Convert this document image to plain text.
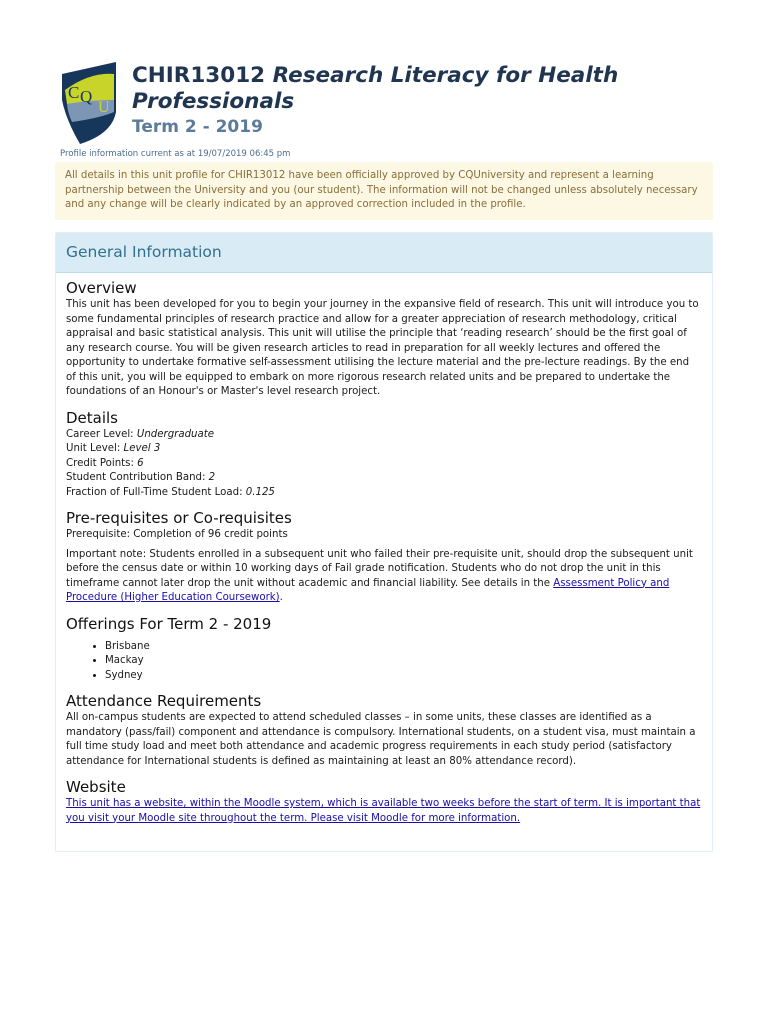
C Q
U
CHIR13012 Research Literacy for Health Professionals
Term 2 - 2019
Profile information current as at 19/07/2019 06:45 pm
All details in this unit profile for CHIR13012 have been officially approved by CQUniversity and represent a learning partnership between the University and you (our student). The information will not be changed unless absolutely necessary and any change will be clearly indicated by an approved correction included in the profile.
General Information
Overview

This unit has been developed for you to begin your journey in the expansive field of research. This unit will introduce you to some fundamental principles of research practice and allow for a greater appreciation of research methodology, critical appraisal and basic statistical analysis. This unit will utilise the principle that ‘reading research’ should be the first goal of any research course. You will be given research articles to read in preparation for all weekly lectures and offered the opportunity to undertake formative self-assessment utilising the lecture material and the pre-lecture readings. By the end of this unit, you will be equipped to embark on more rigorous research related units and be prepared to undertake the foundations of an Honour's or Master's level research project.

Details
Career Level: Undergraduate
Unit Level: Level 3
Credit Points: 6
Student Contribution Band: 2
Fraction of Full-Time Student Load: 0.125
Pre-requisites or Co-requisites

Prerequisite: Completion of 96 credit points

Important note: Students enrolled in a subsequent unit who failed their pre-requisite unit, should drop the subsequent unit before the census date or within 10 working days of Fail grade notification. Students who do not drop the unit in this timeframe cannot later drop the unit without academic and financial liability. See details in the Assessment Policy and Procedure (Higher Education Coursework).

Offerings For Term 2 - 2019
• Brisbane
• Mackay
• Sydney
Attendance Requirements

All on-campus students are expected to attend scheduled classes – in some units, these classes are identified as a mandatory (pass/fail) component and attendance is compulsory. International students, on a student visa, must maintain a full time study load and meet both attendance and academic progress requirements in each study period (satisfactory attendance for International students is defined as maintaining at least an 80% attendance record).

Website

This unit has a website, within the Moodle system, which is available two weeks before the start of term. It is important that you visit your Moodle site throughout the term. Please visit Moodle for more information.
